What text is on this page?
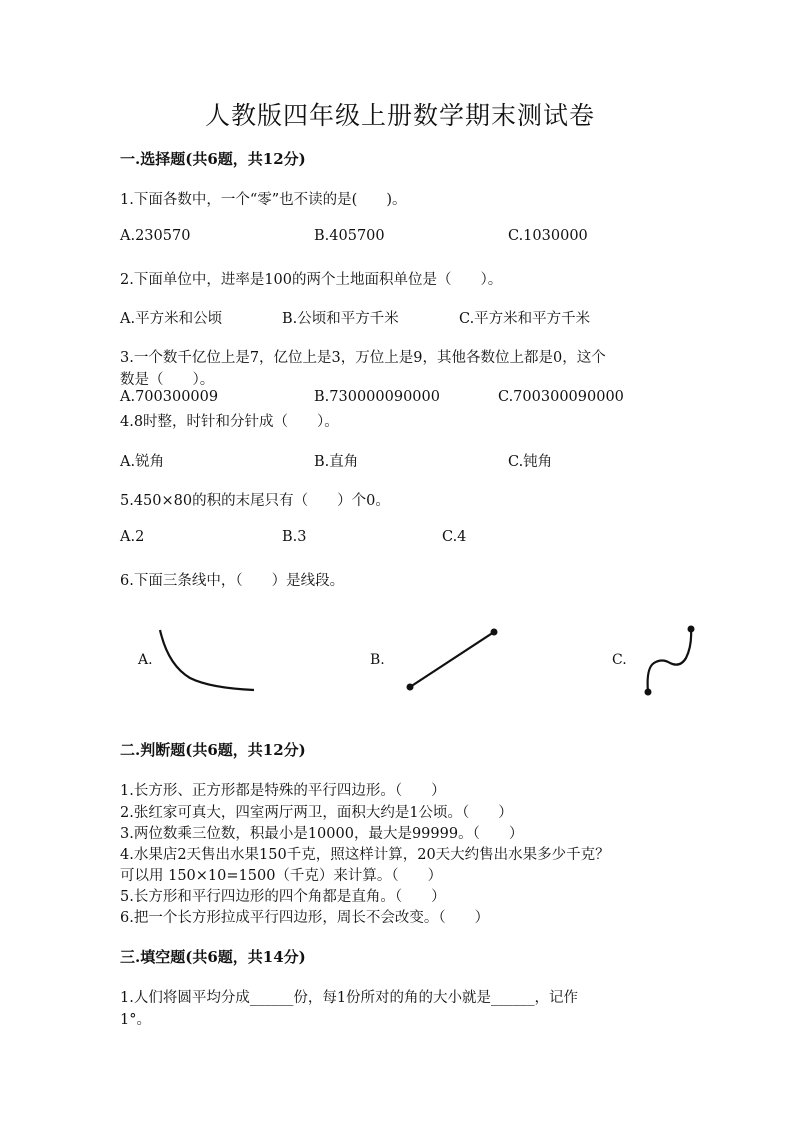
人教版四年级上册数学期末测试卷
一.选择题(共6题，共12分)
1.下面各数中，一个“零”也不读的是(　　)。
A.230570	B.405700	C.1030000
2.下面单位中，进率是100的两个土地面积单位是（　　）。
A.平方米和公顷	B.公顷和平方千米	C.平方米和平方千米
3.一个数千亿位上是7，亿位上是3，万位上是9，其他各数位上都是0，这个
数是（　　）。
A.700300009	B.730000090000	C.700300090000
4.8时整，时针和分针成（　　）。
A.锐角	B.直角	C.钝角
5.450×80的积的末尾只有（　　）个0。
A.2	B.3	C.4
6.下面三条线中，（　　）是线段。
A.	B.	C.
二.判断题(共6题，共12分)
1.长方形、正方形都是特殊的平行四边形。（　　）
2.张红家可真大，四室两厅两卫，面积大约是1公顷。（　　）
3.两位数乘三位数，积最小是10000，最大是99999。（　　）
4.水果店2天售出水果150千克，照这样计算，20天大约售出水果多少千克？
可以用 150×10=1500（千克）来计算。（　　）
5.长方形和平行四边形的四个角都是直角。（　　）
6.把一个长方形拉成平行四边形，周长不会改变。（　　）
三.填空题(共6题，共14分)
1.人们将圆平均分成______份，每1份所对的角的大小就是______，记作
1°。
